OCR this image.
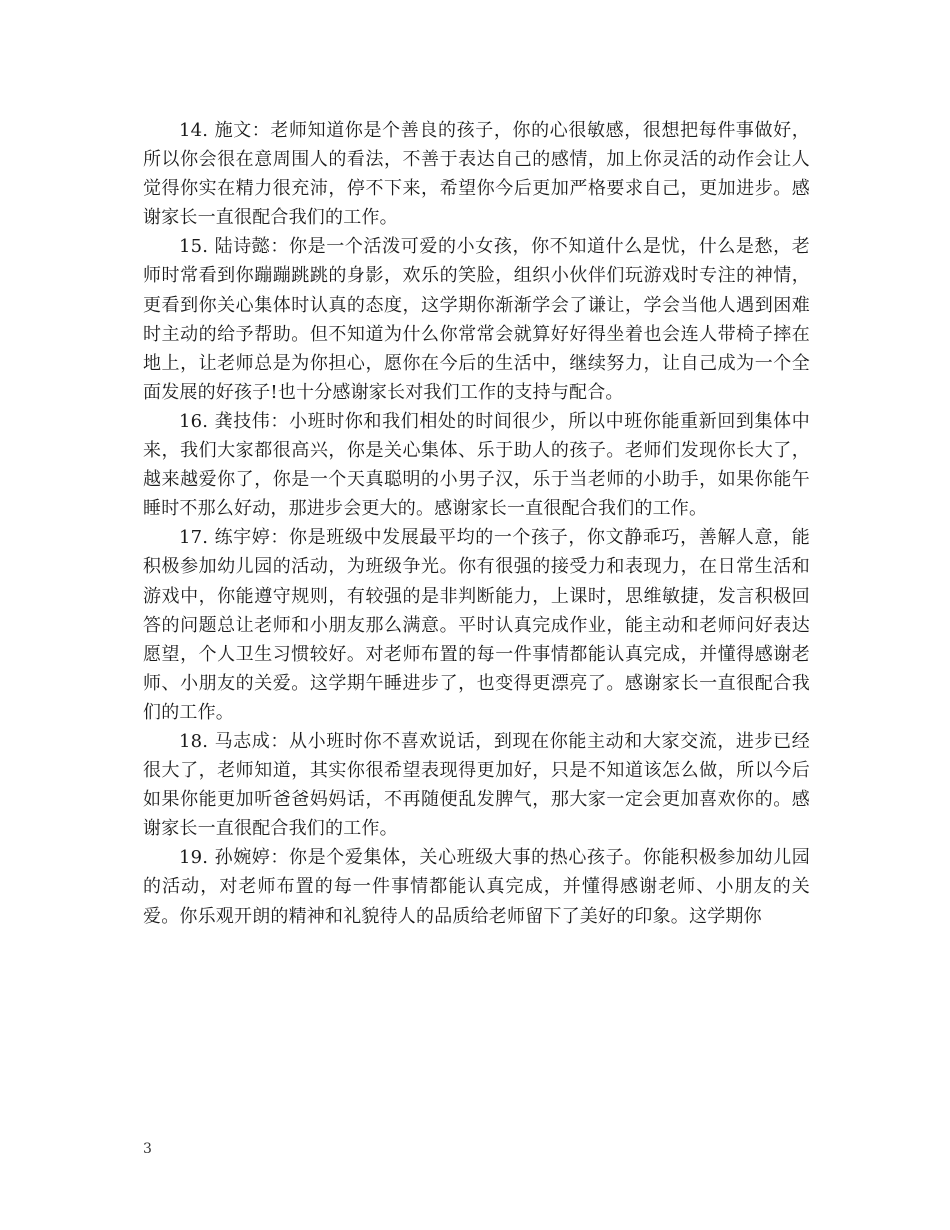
14. 施文：老师知道你是个善良的孩子，你的心很敏感，很想把每件事做好，所以你会很在意周围人的看法，不善于表达自己的感情，加上你灵活的动作会让人觉得你实在精力很充沛，停不下来，希望你今后更加严格要求自己，更加进步。感谢家长一直很配合我们的工作。

15. 陆诗懿：你是一个活泼可爱的小女孩，你不知道什么是忧，什么是愁，老师时常看到你蹦蹦跳跳的身影，欢乐的笑脸，组织小伙伴们玩游戏时专注的神情，更看到你关心集体时认真的态度，这学期你渐渐学会了谦让，学会当他人遇到困难时主动的给予帮助。但不知道为什么你常常会就算好好得坐着也会连人带椅子摔在地上，让老师总是为你担心，愿你在今后的生活中，继续努力，让自己成为一个全面发展的好孩子!也十分感谢家长对我们工作的支持与配合。

16. 龚技伟：小班时你和我们相处的时间很少，所以中班你能重新回到集体中来，我们大家都很高兴，你是关心集体、乐于助人的孩子。老师们发现你长大了，越来越爱你了，你是一个天真聪明的小男子汉，乐于当老师的小助手，如果你能午睡时不那么好动，那进步会更大的。感谢家长一直很配合我们的工作。

17. 练宇婷：你是班级中发展最平均的一个孩子，你文静乖巧，善解人意，能积极参加幼儿园的活动，为班级争光。你有很强的接受力和表现力，在日常生活和游戏中，你能遵守规则，有较强的是非判断能力，上课时，思维敏捷，发言积极回答的问题总让老师和小朋友那么满意。平时认真完成作业，能主动和老师问好表达愿望，个人卫生习惯较好。对老师布置的每一件事情都能认真完成，并懂得感谢老师、小朋友的关爱。这学期午睡进步了，也变得更漂亮了。感谢家长一直很配合我们的工作。

18. 马志成：从小班时你不喜欢说话，到现在你能主动和大家交流，进步已经很大了，老师知道，其实你很希望表现得更加好，只是不知道该怎么做，所以今后如果你能更加听爸爸妈妈话，不再随便乱发脾气，那大家一定会更加喜欢你的。感谢家长一直很配合我们的工作。

19. 孙婉婷：你是个爱集体，关心班级大事的热心孩子。你能积极参加幼儿园的活动，对老师布置的每一件事情都能认真完成，并懂得感谢老师、小朋友的关爱。你乐观开朗的精神和礼貌待人的品质给老师留下了美好的印象。这学期你

3
